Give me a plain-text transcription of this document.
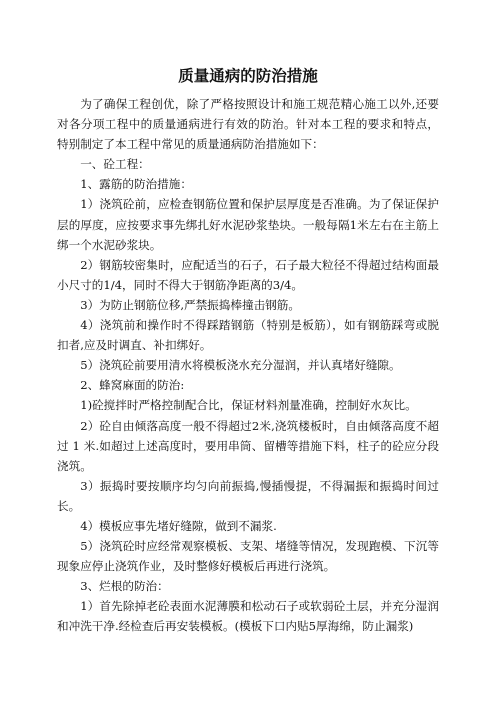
质量通病的防治措施

为了确保工程创优，除了严格按照设计和施工规范精心施工以外,还要对各分项工程中的质量通病进行有效的防治。针对本工程的要求和特点，特别制定了本工程中常见的质量通病防治措施如下：

一、砼工程：

1、露筋的防治措施：

1）浇筑砼前，应检查钢筋位置和保护层厚度是否准确。为了保证保护层的厚度，应按要求事先绑扎好水泥砂浆垫块。一般每隔1米左右在主筋上绑一个水泥砂浆块。

2）钢筋较密集时，应配适当的石子，石子最大粒径不得超过结构面最小尺寸的1/4，同时不得大于钢筋净距离的3/4。

3）为防止钢筋位移,严禁振捣棒撞击钢筋。

4）浇筑前和操作时不得踩踏钢筋（特别是板筋），如有钢筋踩弯或脱扣者,应及时调直、补扣绑好。

5）浇筑砼前要用清水将模板浇水充分湿润，并认真堵好缝隙。

2、蜂窝麻面的防治:

1)砼搅拌时严格控制配合比，保证材料剂量准确，控制好水灰比。

2）砼自由倾落高度一般不得超过2米,浇筑楼板时，自由倾落高度不超过 1 米.如超过上述高度时，要用串筒、留槽等措施下料，柱子的砼应分段浇筑。

3）振捣时要按顺序均匀向前振捣,慢插慢提，不得漏振和振捣时间过长。

4）模板应事先堵好缝隙，做到不漏浆.

5）浇筑砼时应经常观察模板、支架、堵缝等情况，发现跑模、下沉等现象应停止浇筑作业，及时整修好模板后再进行浇筑。

3、烂根的防治：

1）首先除掉老砼表面水泥薄膜和松动石子或软弱砼土层，并充分湿润和冲洗干净.经检查后再安装模板。(模板下口内贴5厚海绵，防止漏浆)
